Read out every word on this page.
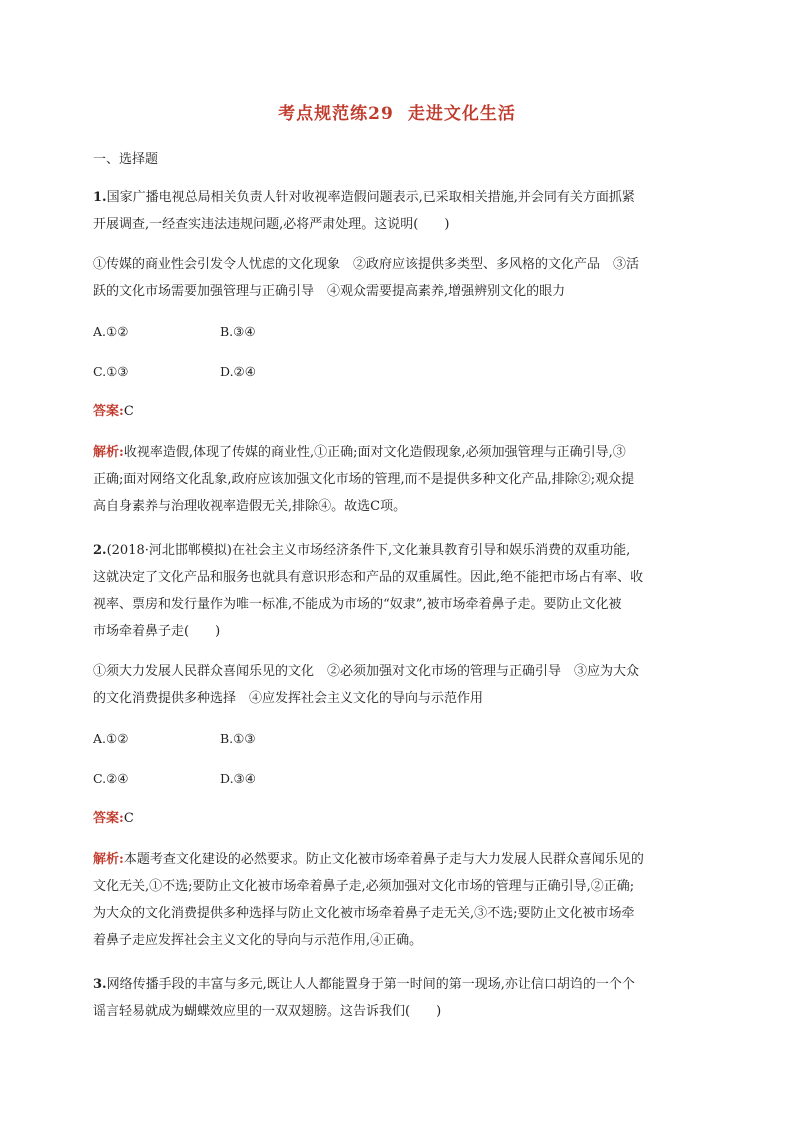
考点规范练29 走进文化生活
一、选择题
1.国家广播电视总局相关负责人针对收视率造假问题表示,已采取相关措施,并会同有关方面抓紧
开展调查,一经查实违法违规问题,必将严肃处理。这说明(　　)
①传媒的商业性会引发令人忧虑的文化现象　②政府应该提供多类型、多风格的文化产品　③活
跃的文化市场需要加强管理与正确引导　④观众需要提高素养,增强辨别文化的眼力
A.①②	B.③④
C.①③	D.②④
答案:C
解析:收视率造假,体现了传媒的商业性,①正确;面对文化造假现象,必须加强管理与正确引导,③
正确;面对网络文化乱象,政府应该加强文化市场的管理,而不是提供多种文化产品,排除②;观众提
高自身素养与治理收视率造假无关,排除④。故选C项。
2.(2018·河北邯郸模拟)在社会主义市场经济条件下,文化兼具教育引导和娱乐消费的双重功能,
这就决定了文化产品和服务也就具有意识形态和产品的双重属性。因此,绝不能把市场占有率、收
视率、票房和发行量作为唯一标准,不能成为市场的“奴隶”,被市场牵着鼻子走。要防止文化被
市场牵着鼻子走(　　)
①须大力发展人民群众喜闻乐见的文化　②必须加强对文化市场的管理与正确引导　③应为大众
的文化消费提供多种选择　④应发挥社会主义文化的导向与示范作用
A.①②	B.①③
C.②④	D.③④
答案:C
解析:本题考查文化建设的必然要求。防止文化被市场牵着鼻子走与大力发展人民群众喜闻乐见的
文化无关,①不选;要防止文化被市场牵着鼻子走,必须加强对文化市场的管理与正确引导,②正确;
为大众的文化消费提供多种选择与防止文化被市场牵着鼻子走无关,③不选;要防止文化被市场牵
着鼻子走应发挥社会主义文化的导向与示范作用,④正确。
3.网络传播手段的丰富与多元,既让人人都能置身于第一时间的第一现场,亦让信口胡诌的一个个
谣言轻易就成为蝴蝶效应里的一双双翅膀。这告诉我们(　　)
